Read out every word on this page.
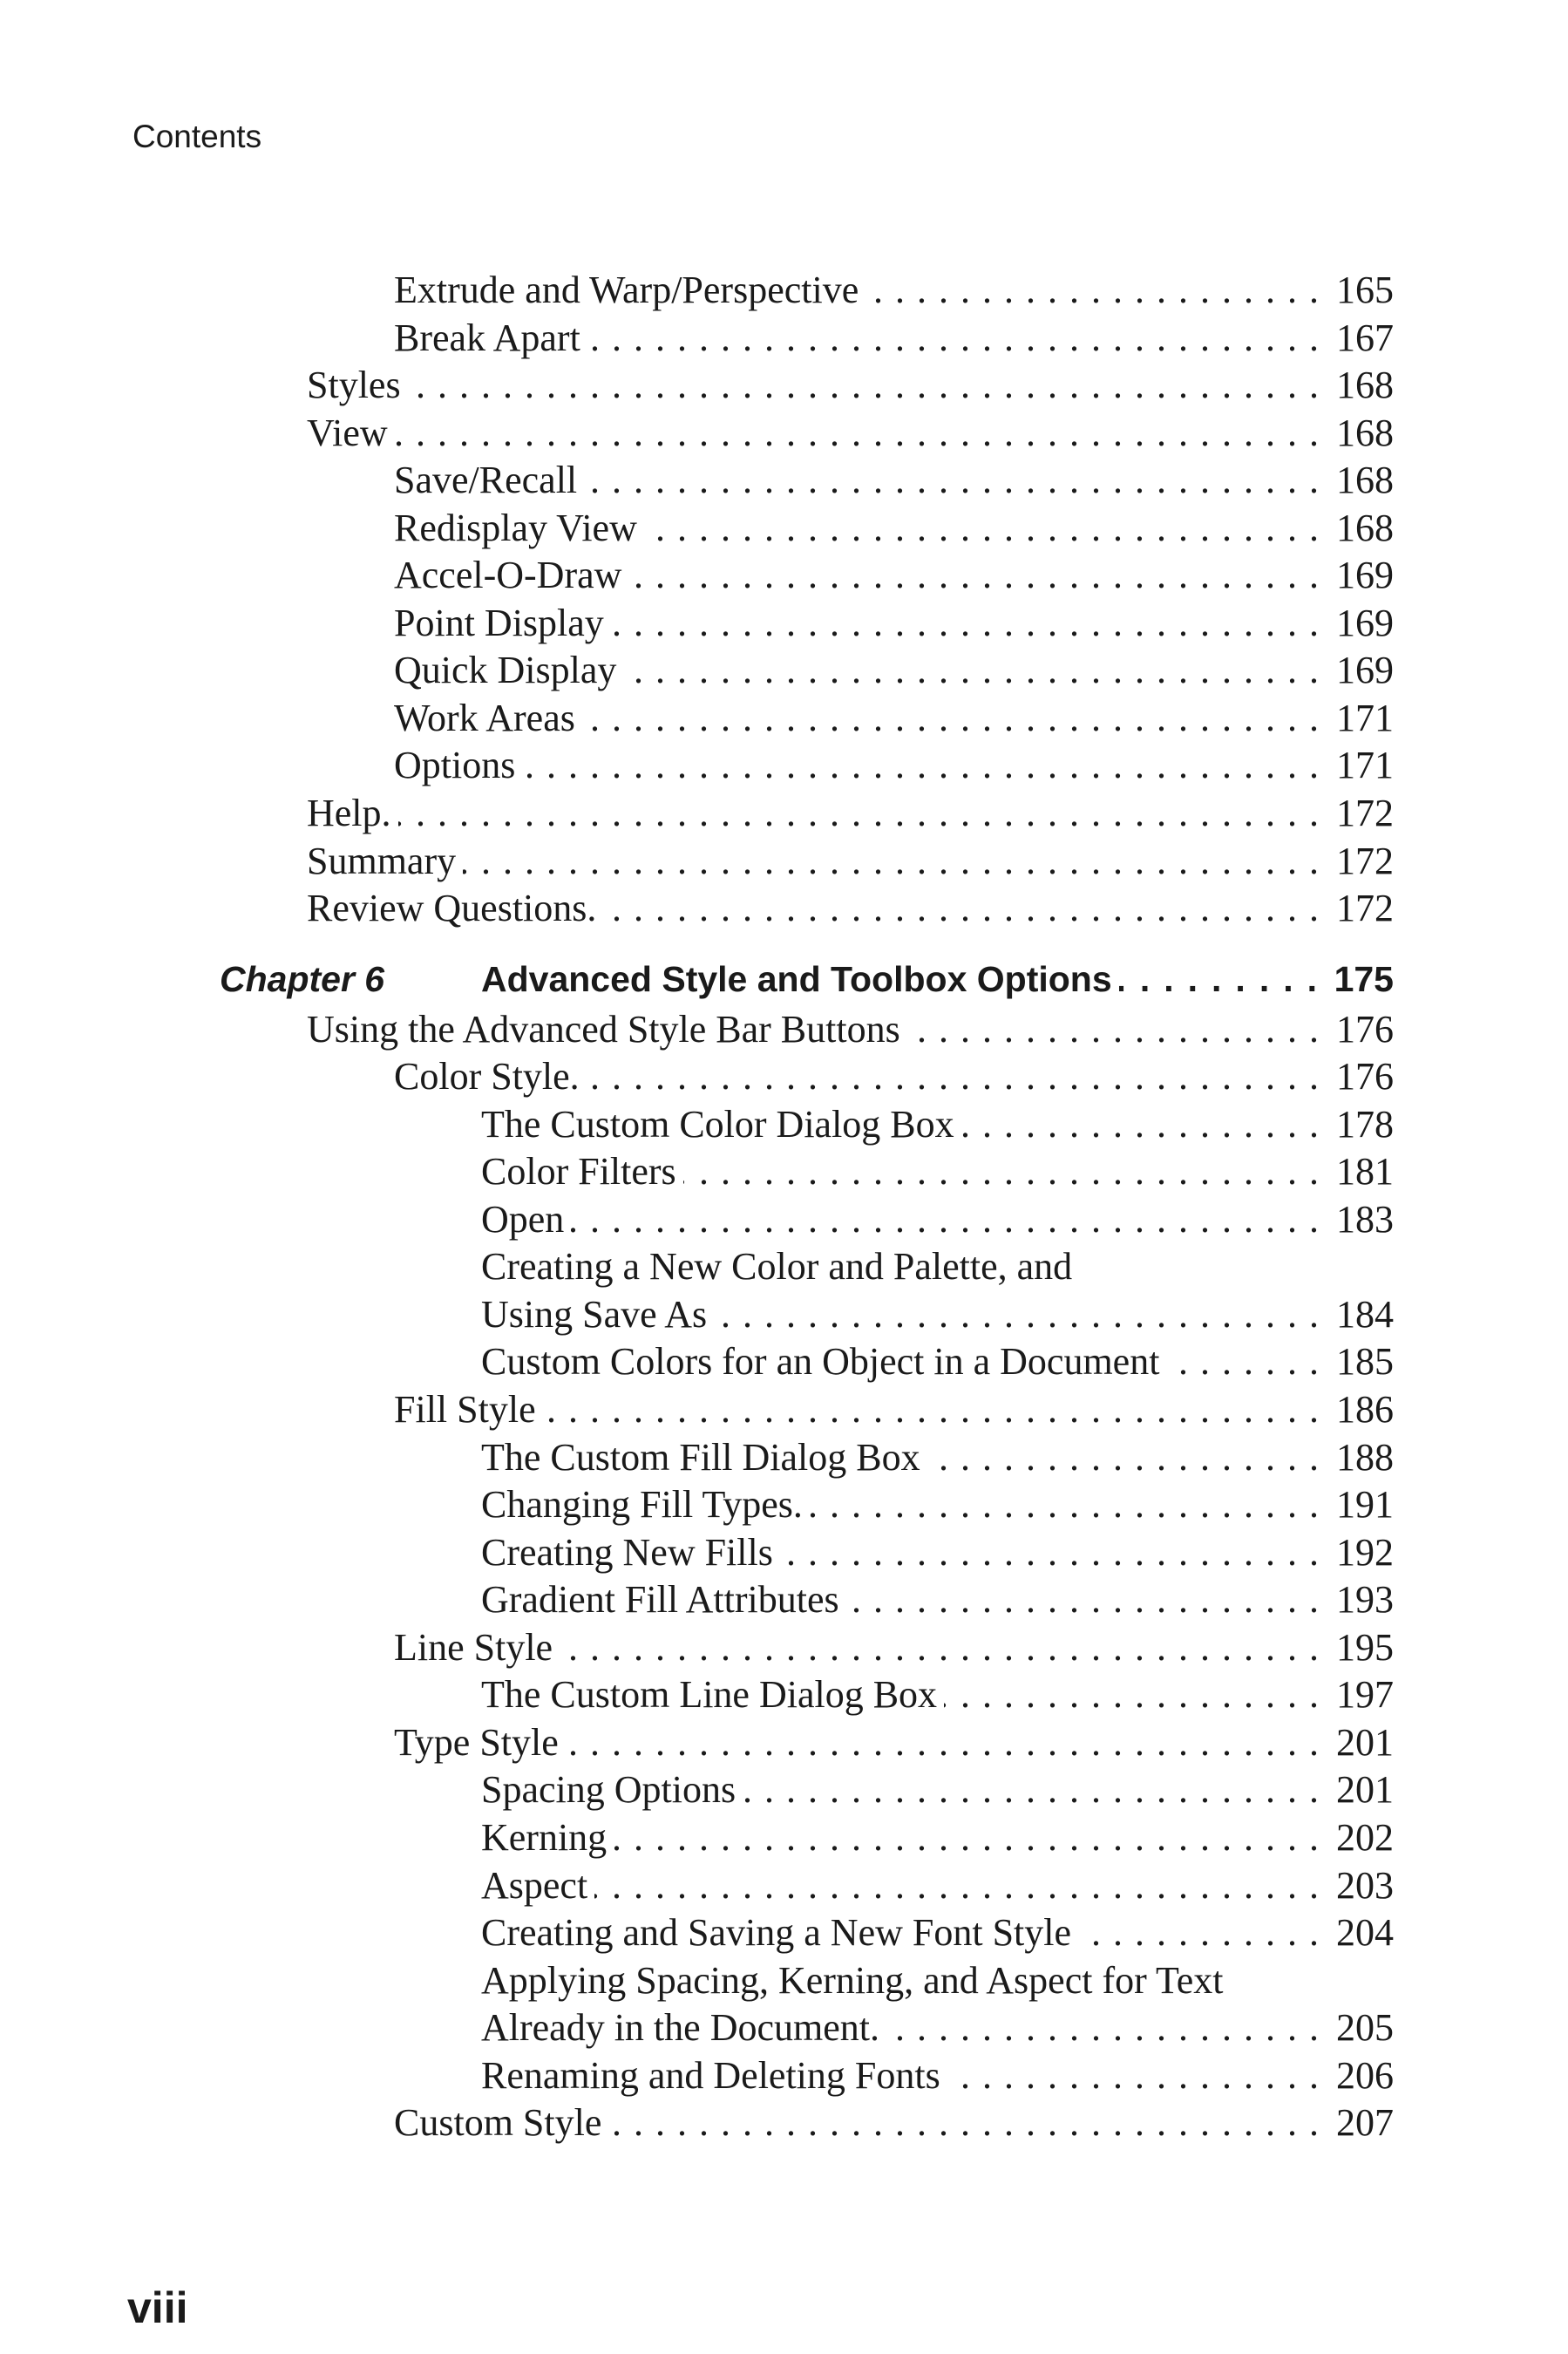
Contents
Extrude and Warp/Perspective .....	165
Break Apart .....	167
Styles .....	168
View .....	168
Save/Recall .....	168
Redisplay View .....	168
Accel-O-Draw .....	169
Point Display .....	169
Quick Display .....	169
Work Areas .....	171
Options .....	171
Help. .....	172
Summary .....	172
Review Questions. .....	172
Chapter 6	Advanced Style and Toolbox Options .....	175
Using the Advanced Style Bar Buttons .....	176
Color Style. .....	176
The Custom Color Dialog Box .....	178
Color Filters .....	181
Open .....	183
Creating a New Color and Palette, and
Using Save As .....	184
Custom Colors for an Object in a Document .....	185
Fill Style .....	186
The Custom Fill Dialog Box .....	188
Changing Fill Types. .....	191
Creating New Fills .....	192
Gradient Fill Attributes .....	193
Line Style .....	195
The Custom Line Dialog Box .....	197
Type Style .....	201
Spacing Options .....	201
Kerning .....	202
Aspect .....	203
Creating and Saving a New Font Style .....	204
Applying Spacing, Kerning, and Aspect for Text
Already in the Document. .....	205
Renaming and Deleting Fonts .....	206
Custom Style .....	207
viii
